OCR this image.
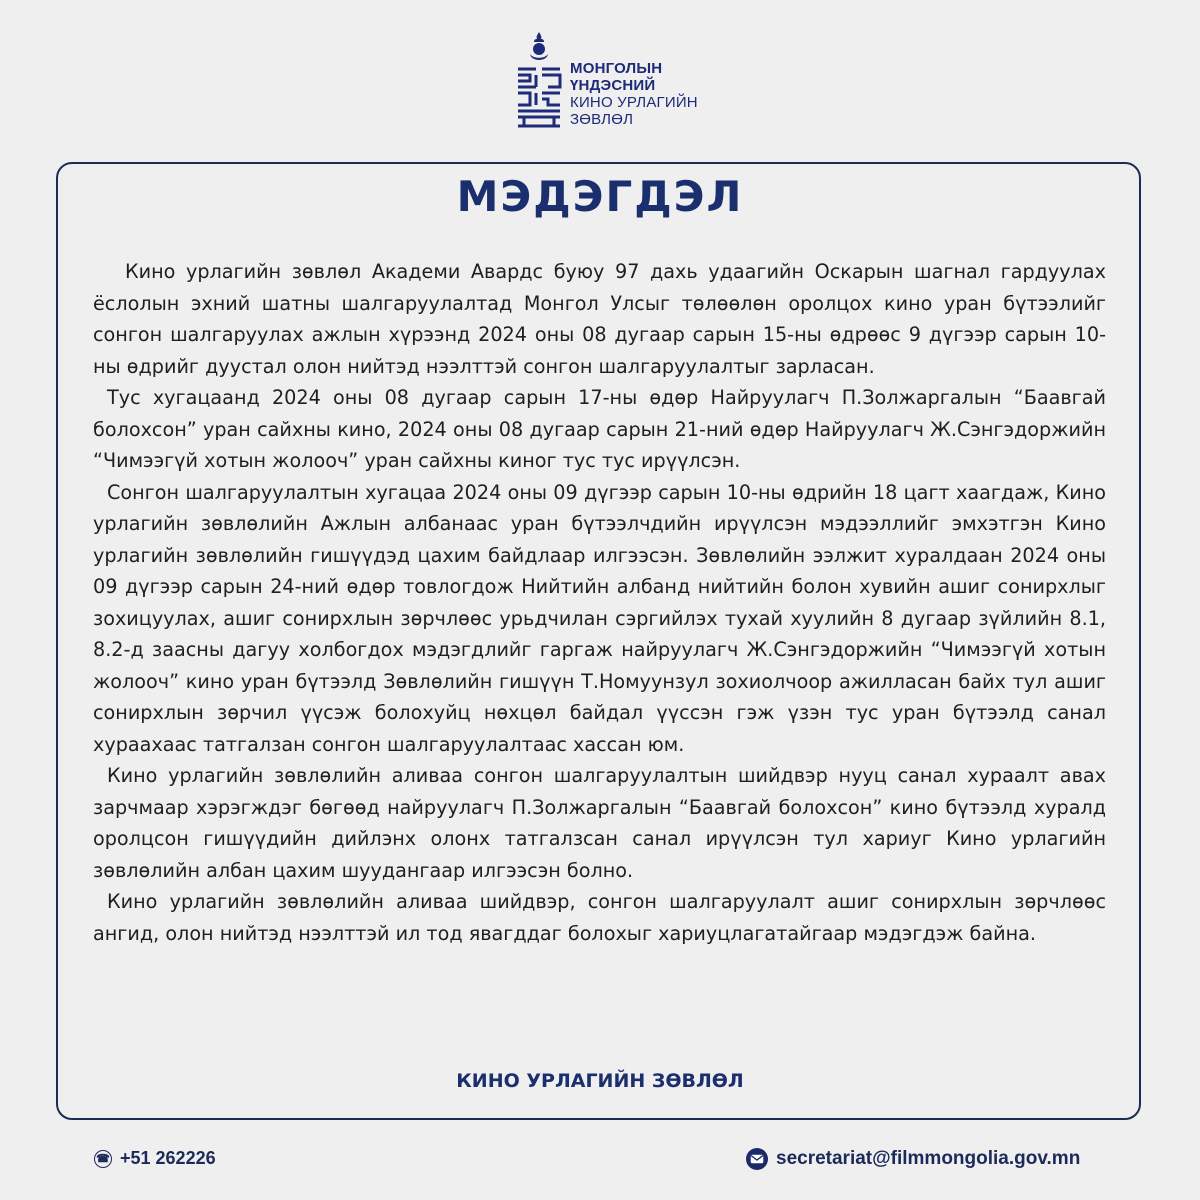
МОНГОЛЫН
ҮНДЭСНИЙ
КИНО УРЛАГИЙН
ЗӨВЛӨЛ
МЭДЭГДЭЛ

Кино урлагийн зөвлөл Академи Авардс буюу 97 дахь удаагийн Оскарын шагнал гардуулах ёслолын эхний шатны шалгаруулалтад Монгол Улсыг төлөөлөн оролцох кино уран бүтээлийг сонгон шалгаруулах ажлын хүрээнд 2024 оны 08 дугаар сарын 15-ны өдрөөс 9 дүгээр сарын 10-ны өдрийг дуустал олон нийтэд нээлттэй сонгон шалгаруулалтыг зарласан.

Тус хугацаанд 2024 оны 08 дугаар сарын 17-ны өдөр Найруулагч П.Золжаргалын “Баавгай болохсон” уран сайхны кино, 2024 оны 08 дугаар сарын 21-ний өдөр Найруулагч Ж.Сэнгэдоржийн “Чимээгүй хотын жолооч” уран сайхны киног тус тус ирүүлсэн.

Сонгон шалгаруулалтын хугацаа 2024 оны 09 дүгээр сарын 10-ны өдрийн 18 цагт хаагдаж, Кино урлагийн зөвлөлийн Ажлын албанаас уран бүтээлчдийн ирүүлсэн мэдээллийг эмхэтгэн Кино урлагийн зөвлөлийн гишүүдэд цахим байдлаар илгээсэн. Зөвлөлийн ээлжит хуралдаан 2024 оны 09 дүгээр сарын 24-ний өдөр товлогдож Нийтийн албанд нийтийн болон хувийн ашиг сонирхлыг зохицуулах, ашиг сонирхлын зөрчлөөс урьдчилан сэргийлэх тухай хуулийн 8 дугаар зүйлийн 8.1, 8.2-д заасны дагуу холбогдох мэдэгдлийг гаргаж найруулагч Ж.Сэнгэдоржийн “Чимээгүй хотын жолооч” кино уран бүтээлд Зөвлөлийн гишүүн Т.Номуунзул зохиолчоор ажилласан байх тул ашиг сонирхлын зөрчил үүсэж болохуйц нөхцөл байдал үүссэн гэж үзэн тус уран бүтээлд санал хураахаас татгалзан сонгон шалгаруулалтаас хассан юм.

Кино урлагийн зөвлөлийн аливаа сонгон шалгаруулалтын шийдвэр нууц санал хураалт авах зарчмаар хэрэгждэг бөгөөд найруулагч П.Золжаргалын “Баавгай болохсон” кино бүтээлд хуралд оролцсон гишүүдийн дийлэнх олонх татгалзсан санал ирүүлсэн тул хариуг Кино урлагийн зөвлөлийн албан цахим шуудангаар илгээсэн болно.

Кино урлагийн зөвлөлийн аливаа шийдвэр, сонгон шалгаруулалт ашиг сонирхлын зөрчлөөс ангид, олон нийтэд нээлттэй ил тод явагддаг болохыг хариуцлагатайгаар мэдэгдэж байна.

КИНО УРЛАГИЙН ЗӨВЛӨЛ
☎ +51 262226	secretariat@filmmongolia.gov.mn
